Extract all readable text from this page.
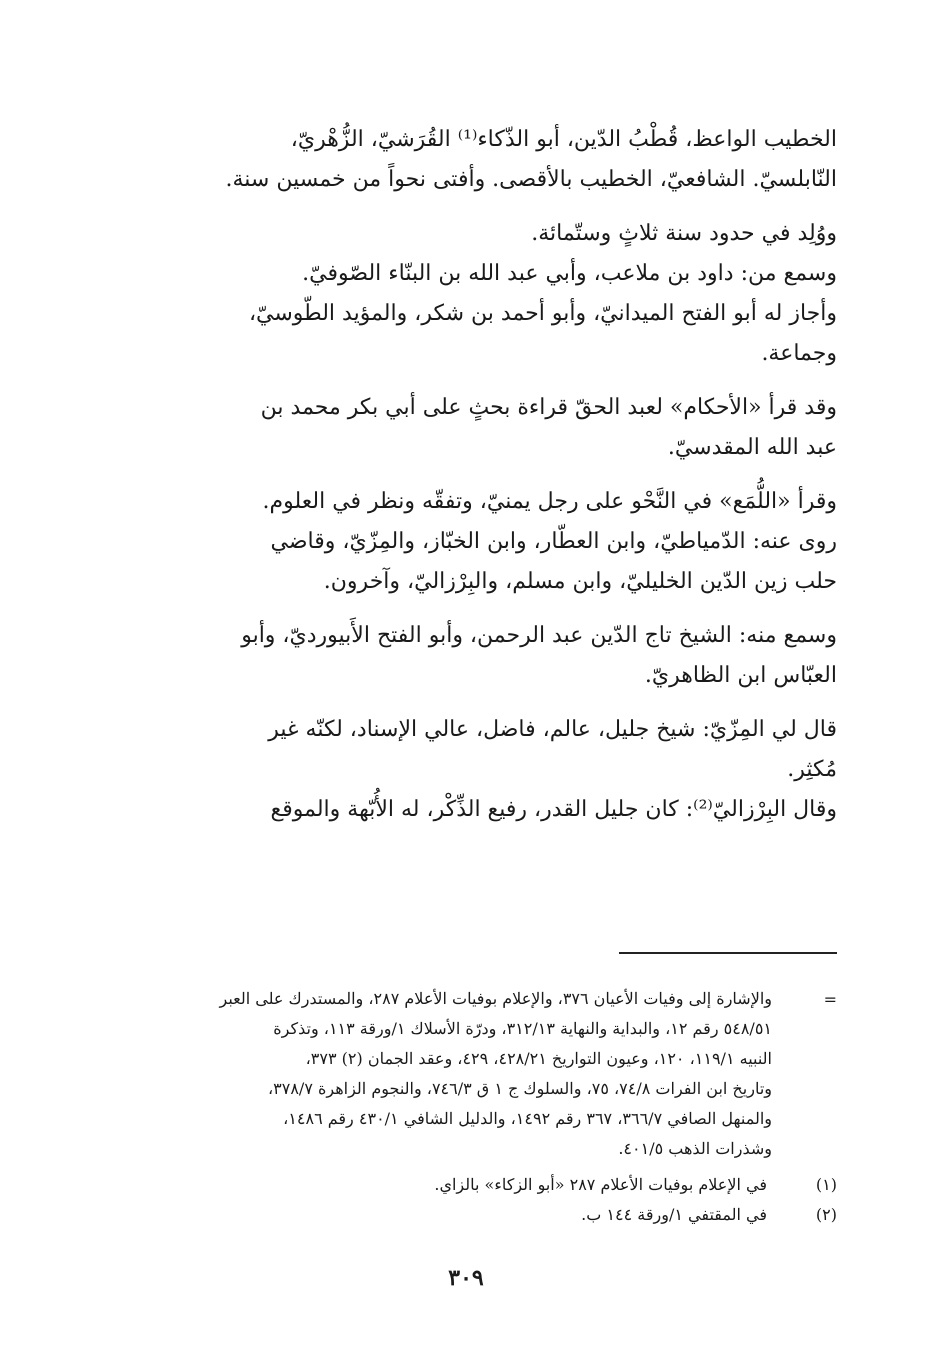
الخطيب الواعظ، قُطْبُ الدّين، أبو الذّكاء⁽¹⁾ القُرَشيّ، الزُّهْريّ،

النّابلسيّ. الشافعيّ، الخطيب بالأقصى. وأفتى نحواً من خمسين سنة.

ووُلِد في حدود سنة ثلاثٍ وستّمائة.

وسمع من: داود بن ملاعب، وأبي عبد الله بن البنّاء الصّوفيّ.

وأجاز له أبو الفتح الميدانيّ، وأبو أحمد بن شكر، والمؤيد الطّوسيّ،

وجماعة.

وقد قرأ «الأحكام» لعبد الحقّ قراءة بحثٍ على أبي بكر محمد بن

عبد الله المقدسيّ.

وقرأ «اللُّمَع» في النَّحْو على رجل يمنيّ، وتفقّه ونظر في العلوم.

روى عنه: الدّمياطيّ، وابن العطّار، وابن الخبّاز، والمِزّيّ، وقاضي

حلب زين الدّين الخليليّ، وابن مسلم، والبِرْزاليّ، وآخرون.

وسمع منه: الشيخ تاج الدّين عبد الرحمن، وأبو الفتح الأَبيورديّ، وأبو

العبّاس ابن الظاهريّ.

قال لي المِزّيّ: شيخ جليل، عالم، فاضل، عالي الإسناد، لكنّه غير

مُكثِر.

وقال البِرْزاليّ⁽²⁾: كان جليل القدر، رفيع الذِّكْر، له الأُبّهة والموقع

=

والإشارة إلى وفيات الأعيان ٣٧٦، والإعلام بوفيات الأعلام ٢٨٧، والمستدرك على العبر

٥٤٨/٥١ رقم ١٢، والبداية والنهاية ٣١٢/١٣، ودرّة الأسلاك ١/ورقة ١١٣، وتذكرة

النبيه ١١٩/١، ١٢٠، وعيون التواريخ ٤٢٨/٢١، ٤٢٩، وعقد الجمان (٢) ٣٧٣،

وتاريخ ابن الفرات ٧٤/٨، ٧٥، والسلوك ج ١ ق ٧٤٦/٣، والنجوم الزاهرة ٣٧٨/٧،

والمنهل الصافي ٣٦٦/٧، ٣٦٧ رقم ١٤٩٢، والدليل الشافي ٤٣٠/١ رقم ١٤٨٦،

وشذرات الذهب ٤٠١/٥.

(١)
في الإعلام بوفيات الأعلام ٢٨٧ «أبو الزكاء» بالزاي.
(٢)
في المقتفي ١/ورقة ١٤٤ ب.
٣٠٩
